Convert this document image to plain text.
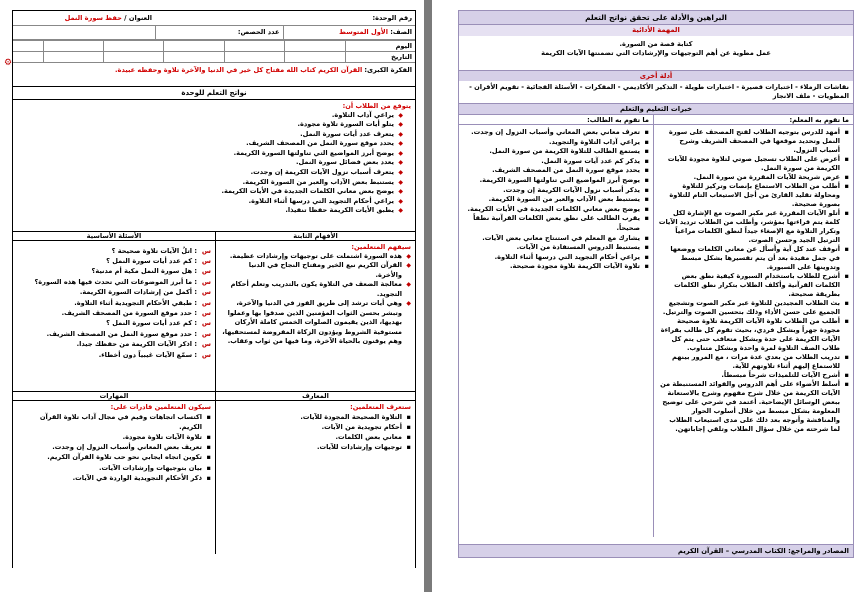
⚙
رقم الوحدة:		العنوان / حفظ سورة النمل
الصف: الأول المتوسط	عدد الحصص:	
اليوم						
التاريخ						
الفكرة الكبرى: القرآن الكريم كتاب الله مفتاح كل خير في الدنيا والآخرة تلاوة وحفظه عبيدة.
نواتج التعلم للوحدة
يتوقع من الطلاب أن:
◆ يراعي آداب التلاوة.
◆ يتلو أيات السورة تلاوة مجودة.
◆ يتعرف عدد أيات سورة النمل.
◆ يحدد موقع سورة النمل من المصحف الشريف.
◆ يوضح أبرز المواضيع التي تناولتها السورة الكريمة.
◆ يعدد بعض فضائل سورة النمل.
◆ يتعرف أسباب نزول الآيات الكريمة إن وجدت.
◆ يستنبط بعض الآداب والعبر من السورة الكريمة.
◆ يوضح بعض معاني الكلمات الجديدة في الأيات الكريمة.
◆ يراعي أحكام التجويد التي درسها أثناء التلاوة.
◆ يطبق الأيات الكريمة حفظا تنفيذا.
الأفهام الثابتة
سيفهم المتعلمين:
◆ هذه السورة اشتملت على توجيهات وإرشادات عظيمة.
◆ القرآن الكريم نبع الخير ومفتاح النجاح في الدنيا والأخرة.
◆ معالجة الضعف في التلاوة يكون بالتدريب وتعلم أحكام التجويد.
◆ وهي أيات ترشد إلى طريق الفوز في الدنيا والآخرة، وتبشر بحسن الثواب المؤمنين الذين صدقوا بها وعملوا بهديها، الذين يقيمون الصلوات الخمس كاملة الأركان مستوفية الشروط ويؤدون الزكاة المفروضة لمستحقيها، وهم يوقنون بالحياة الآخرة، وما فيها من ثواب وعقاب.
الأسئلة الأساسية
س : اتلُ الآيات تلاوة صحيحة ؟
س : كم عدد أيات سورة النمل ؟
س : هل سورة النمل مكية أم مدنية؟
س : ما أبرز الموضوعات التي تحدث فيها هذه السورة؟
س : أكمل من إرشادات السورة الكريمة.
س : طبقي الأحكام التجويدية أثناء التلاوة.
س : حدد موقع السورة من المصحف الشريف.
س : كم عدد أيات سورة النمل ؟
س : حدد موقع سورة النمل من المصحف الشريف.
س : اذكر الآيات الكريمة من حفظك جيدا.
س : سمّع الآيات غيبياً دون أخطاء.
المعارف
ستعرف المتعلمين:
▪ التلاوة الصحيحة المجودة للآيات.
▪ أحكام تجويدية من الآيات.
▪ معاني بعض الكلمات.
▪ توجيهات وإرشادات للآيات.
المهارات
سيكون المتعلمين قادرات على:
▪ اكتساب اتجاهات وقيم في مجال آداب تلاوة القرآن الكريم.
▪ تلاوة الآيات تلاوة مجودة.
▪ تعريف بعض المعاني وأسباب النزول إن وجدت.
▪ تكوين اتجاه ايجابي نحو حب تلاوة القرآن الكريم.
▪ بيان بتوجيهات وإرشادات الآيات.
▪ ذكر الأحكام التجويدية الواردة في الآيات.
البراهين والأدلة على تحقق نواتج التعلم
المهمة الأدائية
كتابة قصة من السورة.
عمل مطوية عن أهم التوجيهات والإرشادات التي تضمنتها الآيات الكريمة
أدلة أخرى
نقاشات الزملاء - اختبارات قصيرة - اختبارات طويلة - التذكير الأكاديمي - المفكرات - الأسئلة الفجائية - تقويم الأقران - المطويات - ملف الانجاز
خبرات التعليم والتعلم
ما تقوم به المعلم:
▪ أمهد للدرس بتوجيه الطلاب لفتح المصحف على سورة النمل وتحديد موقعها في المصحف الشريف وشرح أسباب النزول.
▪ أعرض على الطلاب تسجيل صوتي لتلاوة مجودة للآيات الكريمة من سورة النمل.
▪ عرض شريحة للآيات المقررة من سورة النمل.
▪ أطلب من الطلاب الاستماع بإنصات وتركيز للتلاوة ومحاولة تقليد القارئ من أجل الاستيعاب التام للتلاوة بصورة صحيحة.
▪ أتلو الآيات المقررة عبر مكبر الصوت مع الإشارة لكل كلمة يتم قراءتها بمؤشر، وأطلب من الطلاب ترديد الآيات وتكرار التلاوة مع الإصغاء جيداً لنطق الكلمات مراعياً الترتيل الجيد وحسن الصوت.
▪ أتوقف عند كل آية وأسأل عن معاني الكلمات ووضعها في جمل مفيدة بعد أن يتم تفسيرها بشكل مبسط وتدوينها على السبورة.
▪ أشرح للطلاب باستخدام السبورة كيفية نطق بعض الكلمات القرآنية وأكلف الطلاب بتكرار نطق الكلمات بطريقة صحيحة.
▪ بث الطلاب المجيدين للتلاوة عبر مكبر الصوت وتشجيع الجميع على حسن الأداء وذلك بتحسين الصوت والترتيل.
▪ أطلب من الطلاب تلاوة الآيات الكريمة تلاوة صحيحة مجودة جهراً وبشكل فردي، بحيث تقوم كل طالب بقراءة الآيات الكريمة على حدة وبشكل متعاقب حتى يتم كل طلاب الصف التلاوة لمرة واحدة وبشكل متناوب.
▪ تدريب الطلاب من بعدي عدة مرات ، مع المرور بينهم للاستماع إليهم أثناء تلاوتهم للآية.
▪ أشرح الآيات للتلميذات شرحاً مبسطاً.
▪ أسلط الأضواء على أهم الدروس والفوائد المستنبطة من الآيات الكريمة من خلال شرح مفهوم وشرح بالاستعانة ببعض الوسائل الإيضاحية. أعتمد في شرحي على توضيح المعلومة بشكل مبسط من خلال أسلوب الحوار والمناقشة وأتوجه بعد ذلك على مدى استيعاب الطلاب لما شرحته من خلال سؤال الطلاب وتلقي إجاباتهن.
ما تقوم به الطالب:
▪ تعرف معاني بعض المعاني وأسباب النزول إن وجدت.
▪ يراعي آداب التلاوة والتجويد.
▪ يستمع الطالب للتلاوة الكريمة من سورة النمل.
▪ يذكر كم عدد آيات سورة النمل.
▪ يحدد موقع سورة النمل من المصحف الشريف.
▪ يوضح أبرز المواضيع التي تناولتها السورة الكريمة.
▪ يذكر أسباب نزول الآيات الكريمة إن وجدت.
▪ يستنبط بعض الآداب والعبر من السورة الكريمة.
▪ يوضح بعض معاني الكلمات الجديدة في الأيات الكريمة.
▪ يقرب الطالب على نطق بعض الكلمات القرآنية نطقاً صحيحاً.
▪ يشارك مع المعلم في استنتاج معاني بعض الآيات.
▪ يستنبط الدروس المستفادة من الآيات.
▪ يراعي أحكام التجويد التي درسها أثناء التلاوة.
▪ تلاوة الآيات الكريمة تلاوة مجودة صحيحة.
المصادر والمراجع: الكتاب المدرسي – القرآن الكريم
